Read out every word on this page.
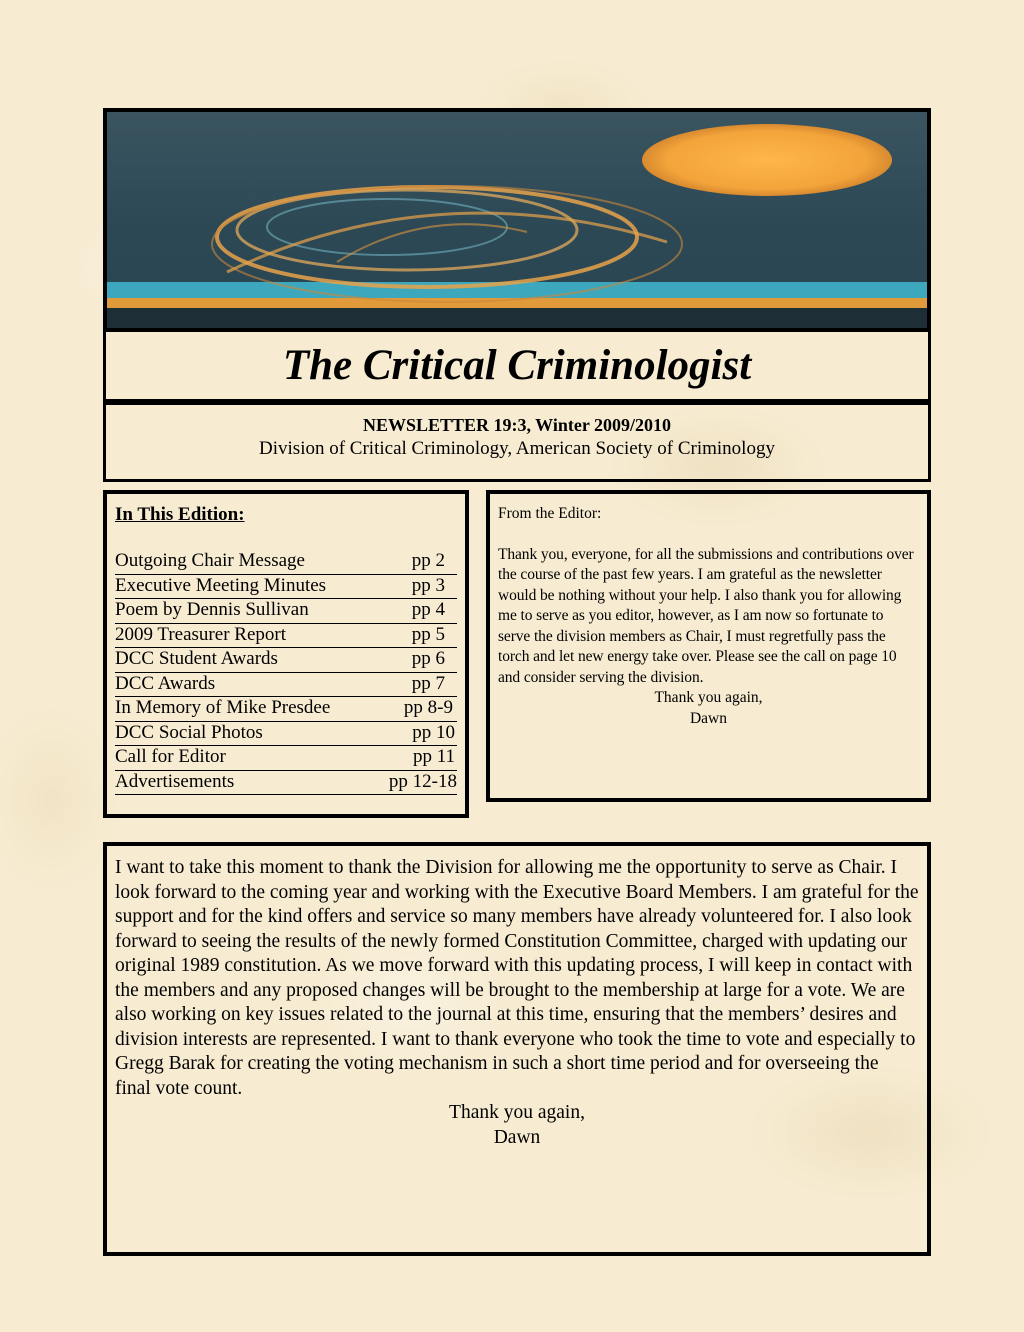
The Critical Criminologist
NEWSLETTER 19:3, Winter 2009/2010
Division of Critical Criminology, American Society of Criminology
In This Edition:
Outgoing Chair Message	pp 2
Executive Meeting Minutes	pp 3
Poem by Dennis Sullivan	pp 4
2009 Treasurer Report	pp 5
DCC Student Awards	pp 6
DCC Awards	pp 7
In Memory of Mike Presdee	pp 8-9
DCC Social Photos	pp 10
Call for Editor	pp 11
Advertisements	pp 12-18
From the Editor:
Thank you, everyone, for all the submissions and contributions over the course of the past few years. I am grateful as the newsletter would be nothing without your help. I also thank you for allowing me to serve as you editor, however, as I am now so fortunate to serve the division members as Chair, I must regretfully pass the torch and let new energy take over. Please see the call on page 10 and consider serving the division.
Thank you again,
Dawn
I want to take this moment to thank the Division for allowing me the opportunity to serve as Chair. I look forward to the coming year and working with the Executive Board Members. I am grateful for the support and for the kind offers and service so many members have already volunteered for. I also look forward to seeing the results of the newly formed Constitution Committee, charged with updating our original 1989 constitution. As we move forward with this updating process, I will keep in contact with the members and any proposed changes will be brought to the membership at large for a vote. We are also working on key issues related to the journal at this time, ensuring that the members’ desires and division interests are represented. I want to thank everyone who took the time to vote and especially to Gregg Barak for creating the voting mechanism in such a short time period and for overseeing the final vote count.
Thank you again,
Dawn
